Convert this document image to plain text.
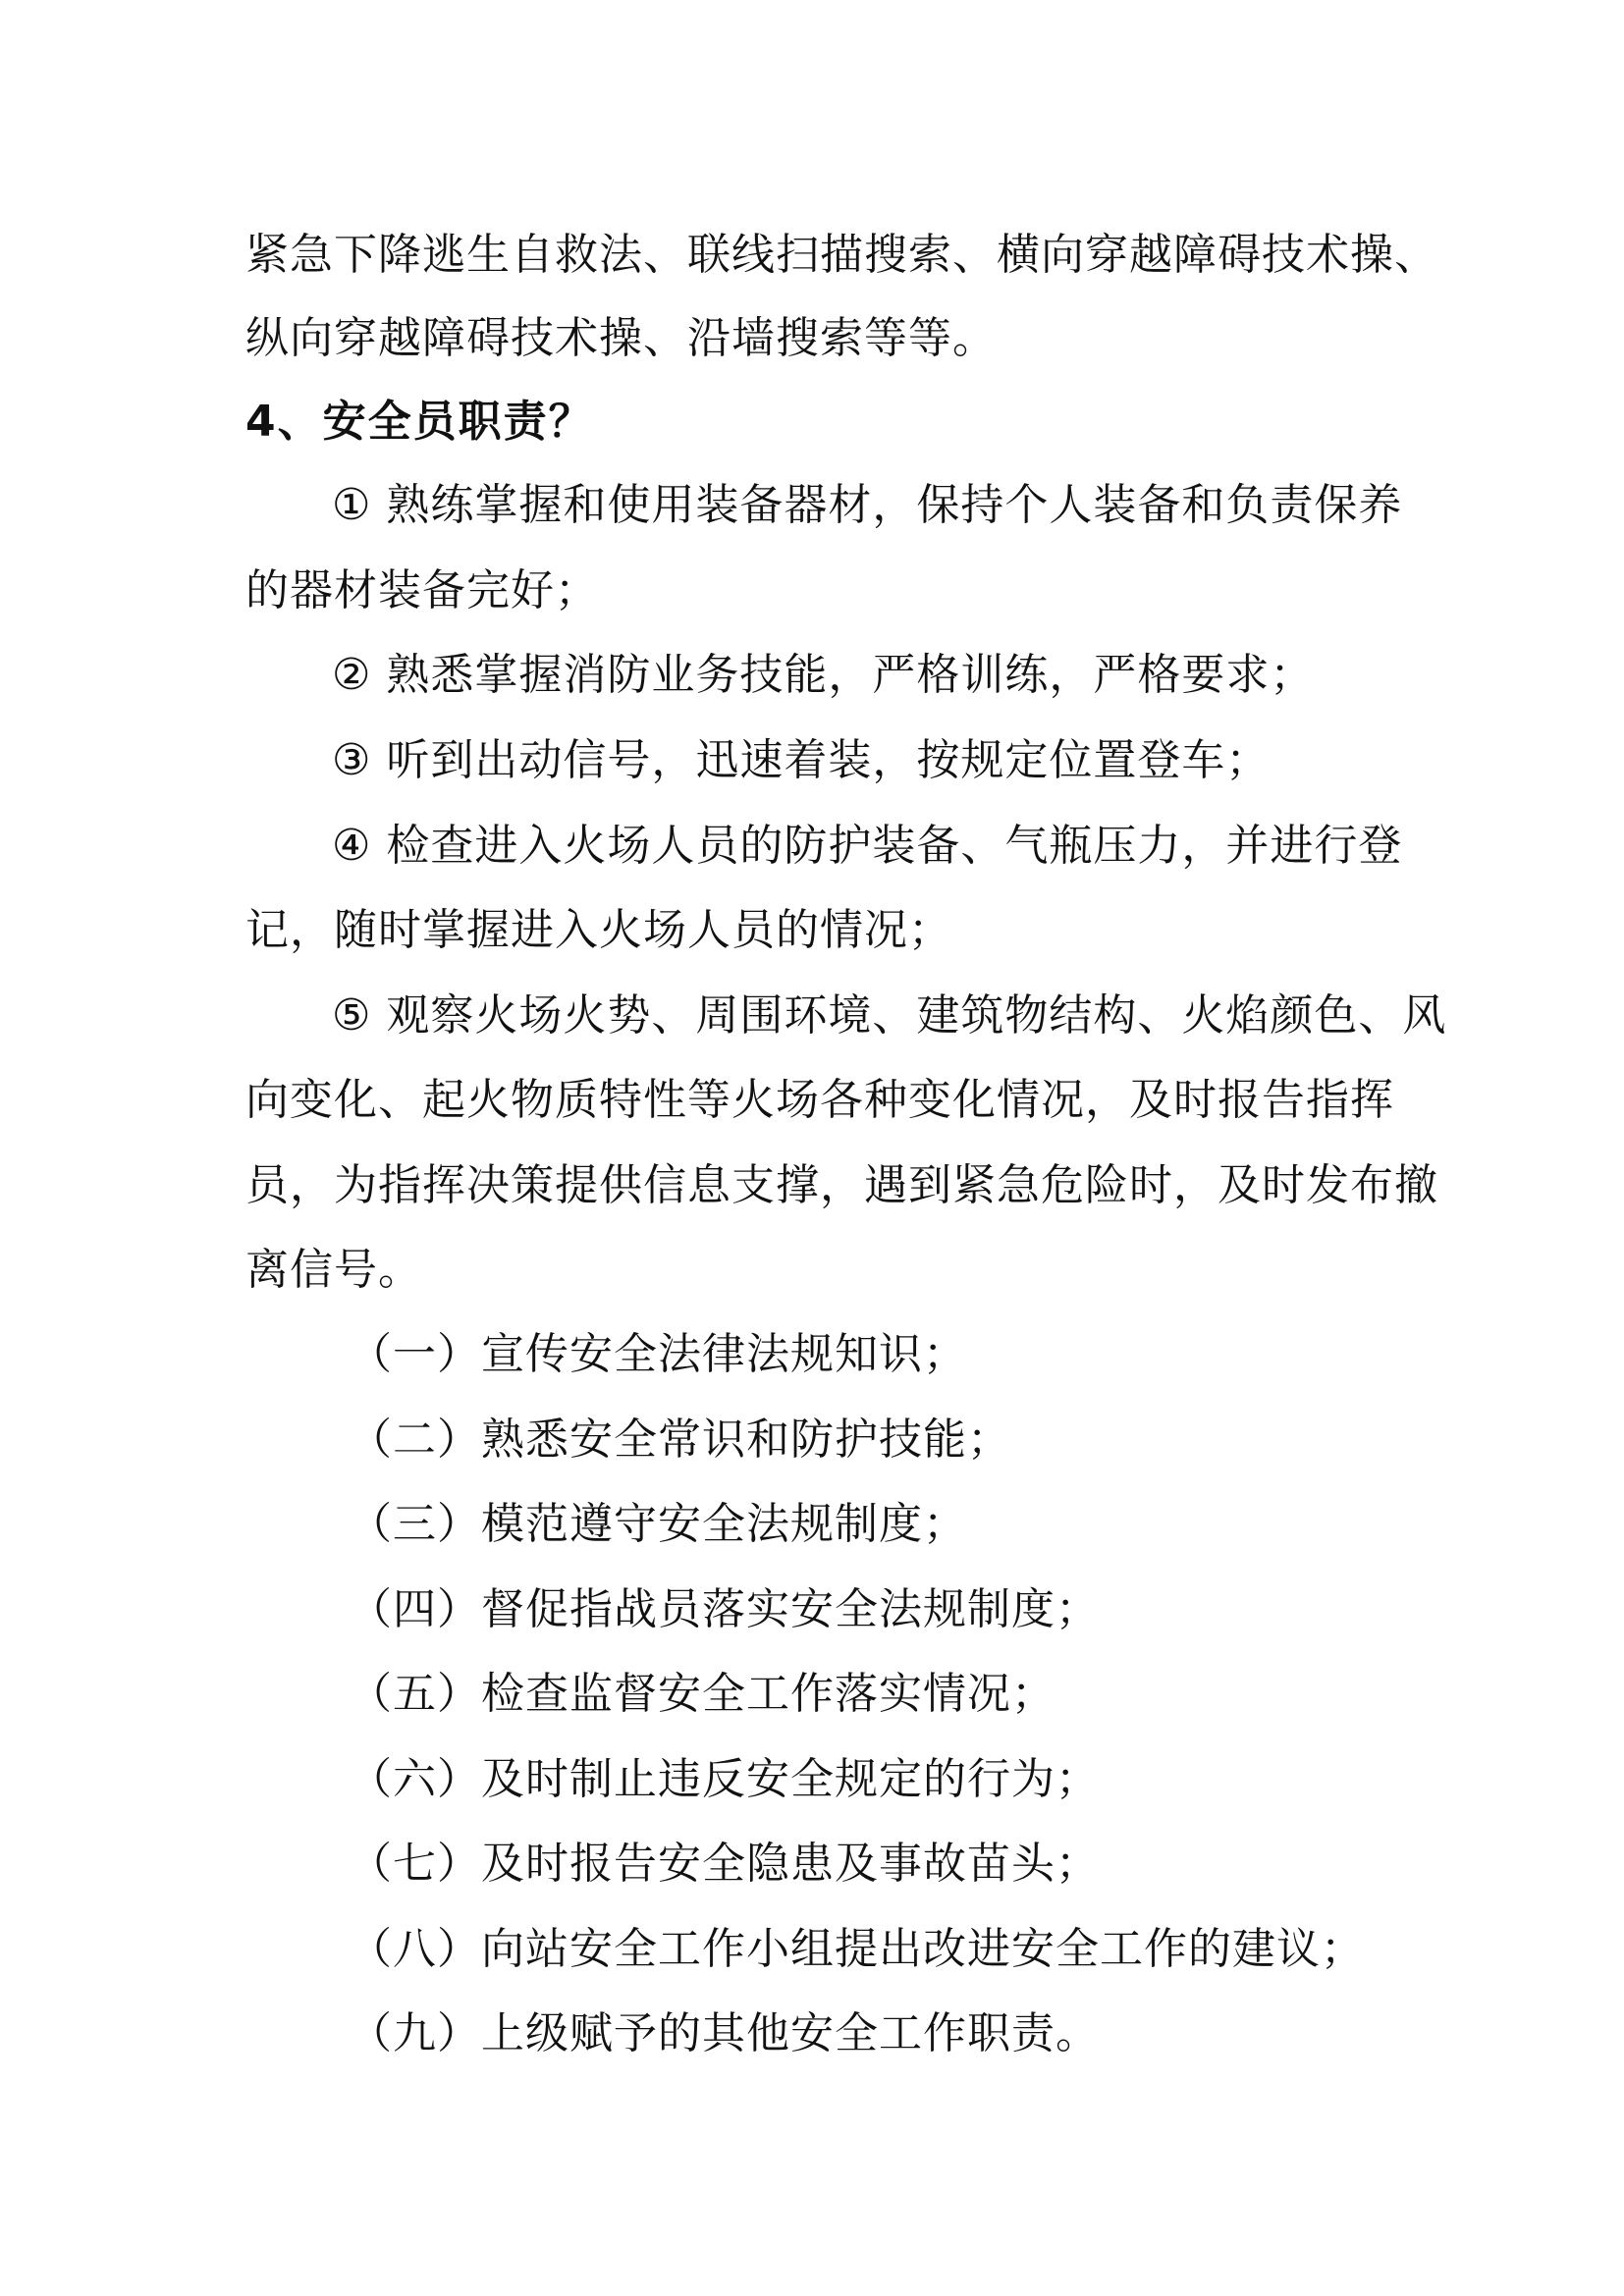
紧急下降逃生自救法、联线扫描搜索、横向穿越障碍技术操、
纵向穿越障碍技术操、沿墙搜索等等。
4、安全员职责？
① 熟练掌握和使用装备器材，保持个人装备和负责保养
的器材装备完好；
② 熟悉掌握消防业务技能，严格训练，严格要求；
③ 听到出动信号，迅速着装，按规定位置登车；
④ 检查进入火场人员的防护装备、气瓶压力，并进行登
记，随时掌握进入火场人员的情况；
⑤ 观察火场火势、周围环境、建筑物结构、火焰颜色、风
向变化、起火物质特性等火场各种变化情况，及时报告指挥
员，为指挥决策提供信息支撑，遇到紧急危险时，及时发布撤
离信号。
（一）宣传安全法律法规知识；
（二）熟悉安全常识和防护技能；
（三）模范遵守安全法规制度；
（四）督促指战员落实安全法规制度；
（五）检查监督安全工作落实情况；
（六）及时制止违反安全规定的行为；
（七）及时报告安全隐患及事故苗头；
（八）向站安全工作小组提出改进安全工作的建议；
（九）上级赋予的其他安全工作职责。
